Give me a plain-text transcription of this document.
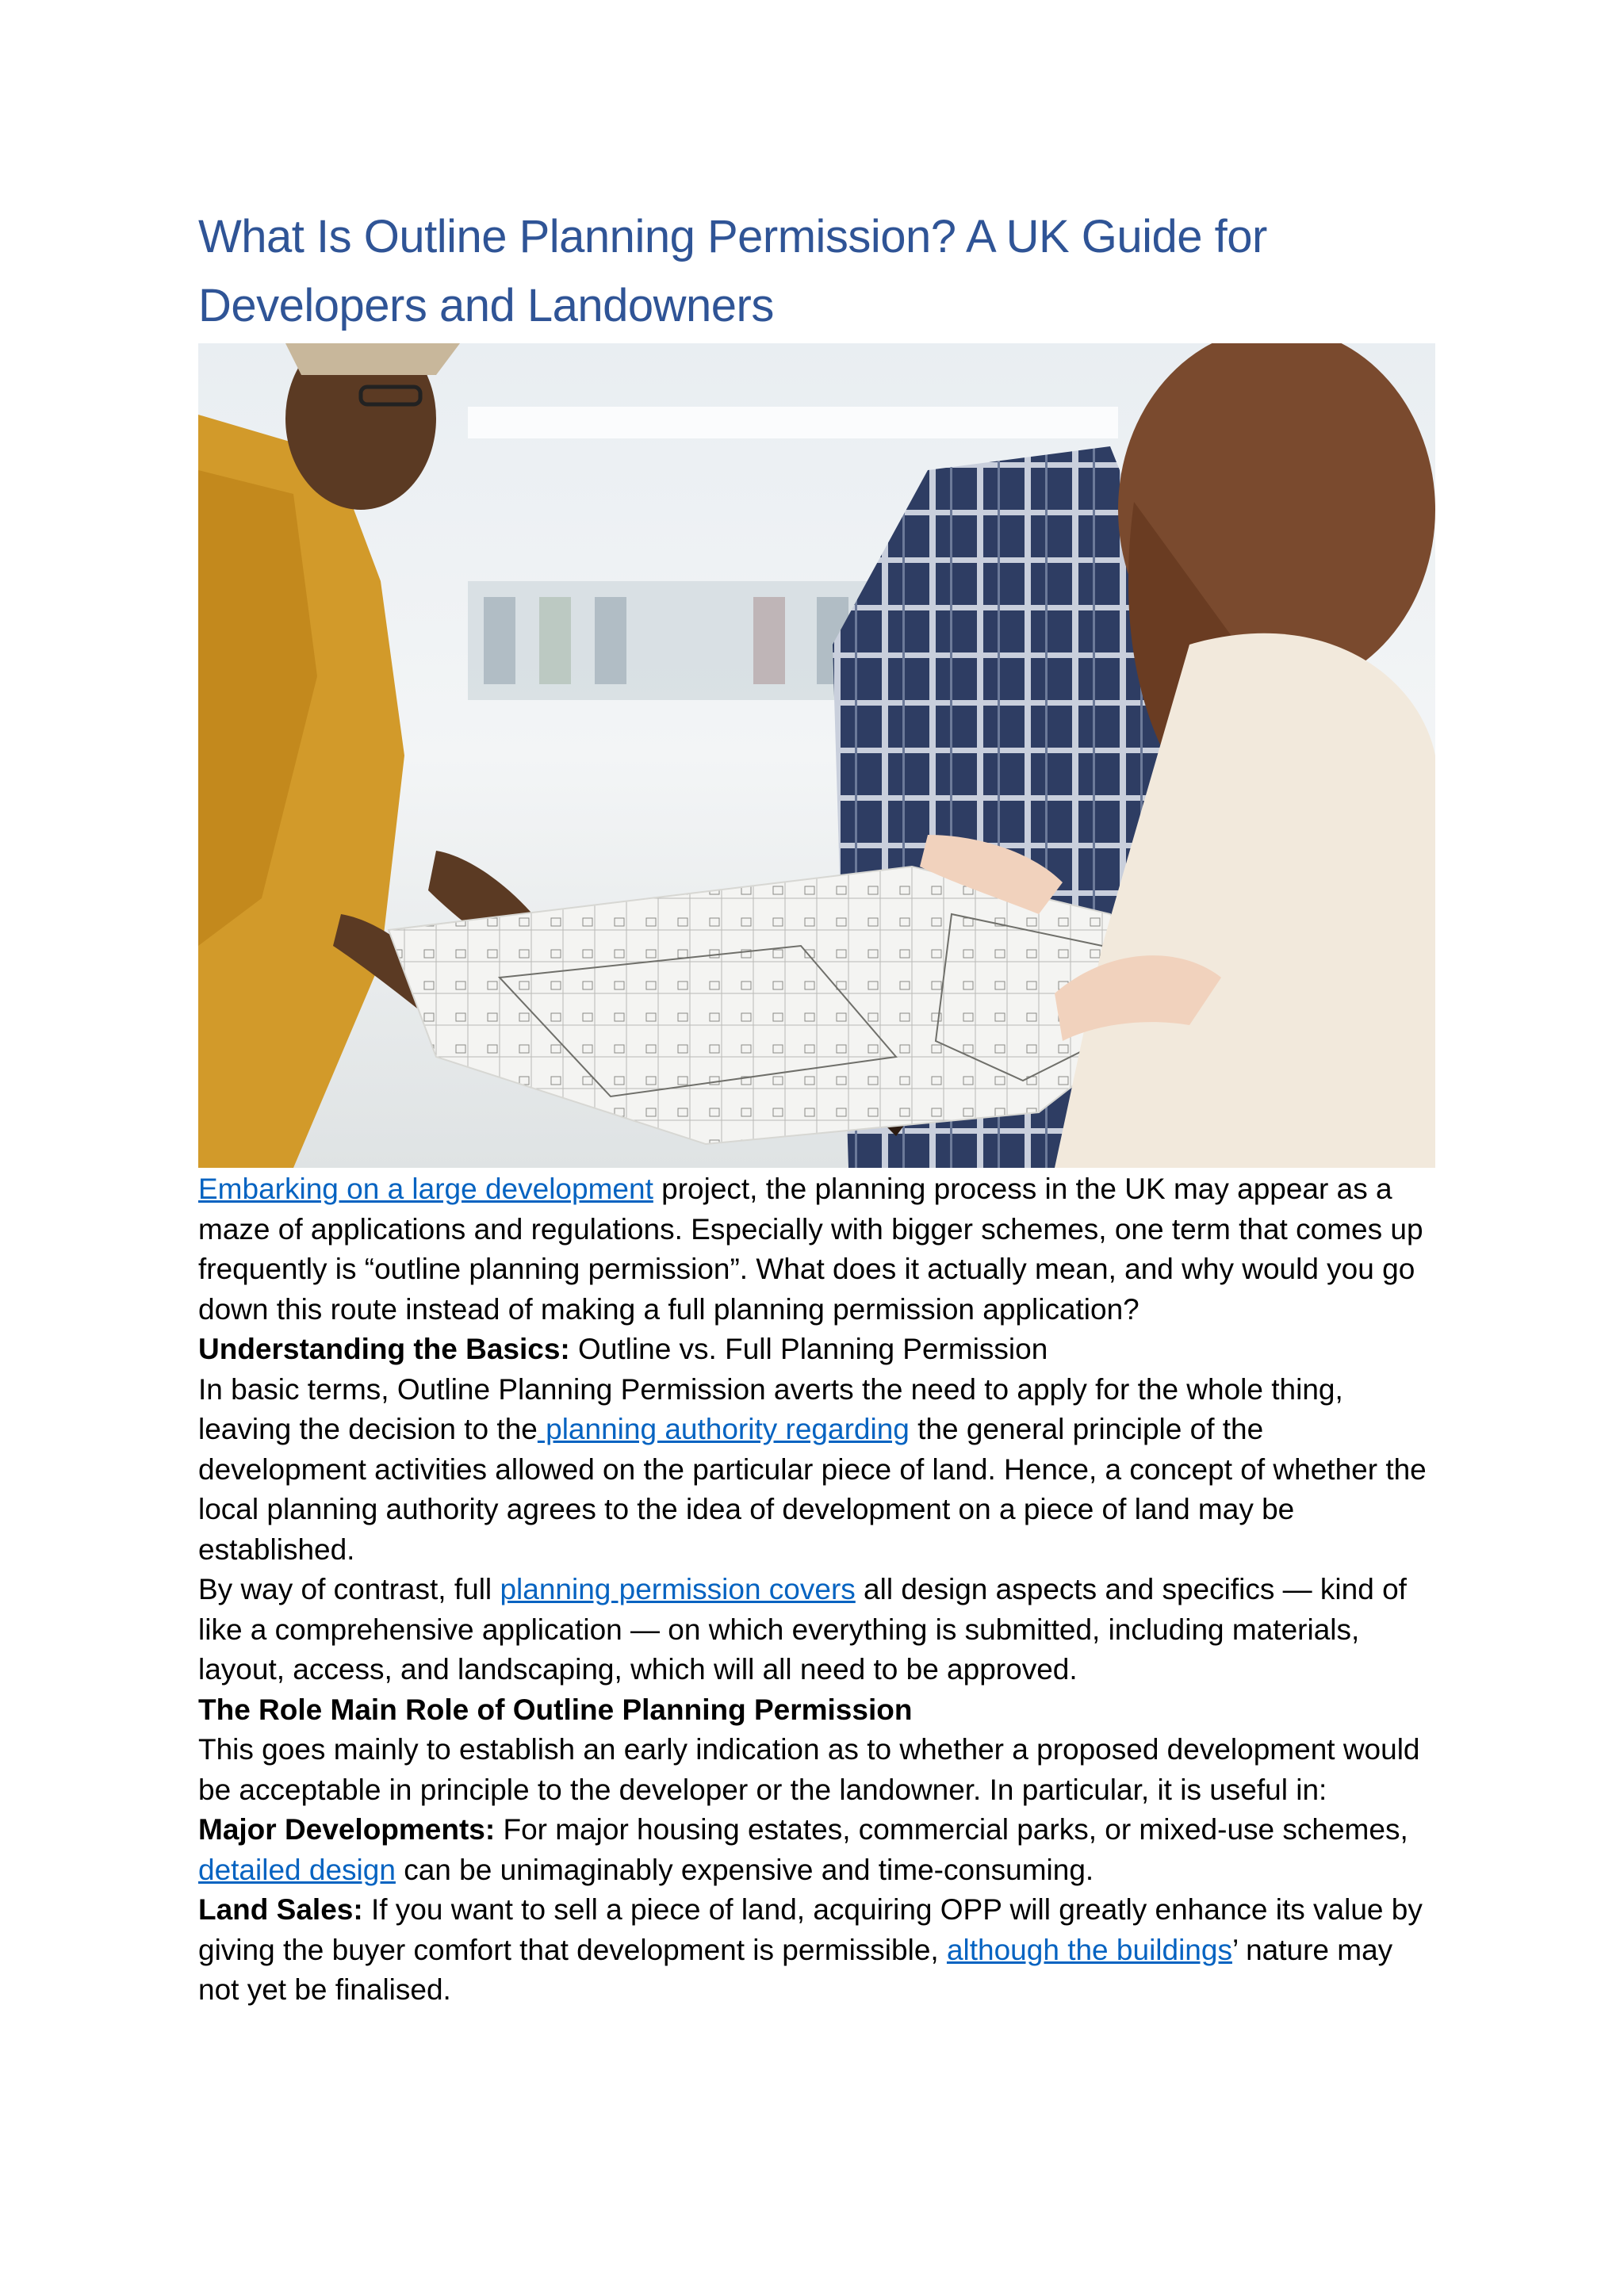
What Is Outline Planning Permission? A UK Guide for Developers and Landowners

Embarking on a large development project, the planning process in the UK may appear as a maze of applications and regulations. Especially with bigger schemes, one term that comes up frequently is “outline planning permission”. What does it actually mean, and why would you go down this route instead of making a full planning permission application?

Understanding the Basics: Outline vs. Full Planning Permission

In basic terms, Outline Planning Permission averts the need to apply for the whole thing, leaving the decision to the planning authority regarding the general principle of the development activities allowed on the particular piece of land. Hence, a concept of whether the local planning authority agrees to the idea of development on a piece of land may be established.

By way of contrast, full planning permission covers all design aspects and specifics — kind of like a comprehensive application — on which everything is submitted, including materials, layout, access, and landscaping, which will all need to be approved.

The Role Main Role of Outline Planning Permission

This goes mainly to establish an early indication as to whether a proposed development would be acceptable in principle to the developer or the landowner. In particular, it is useful in:

Major Developments: For major housing estates, commercial parks, or mixed-use schemes, detailed design can be unimaginably expensive and time-consuming.

Land Sales: If you want to sell a piece of land, acquiring OPP will greatly enhance its value by giving the buyer comfort that development is permissible, although the buildings’ nature may not yet be finalised.
